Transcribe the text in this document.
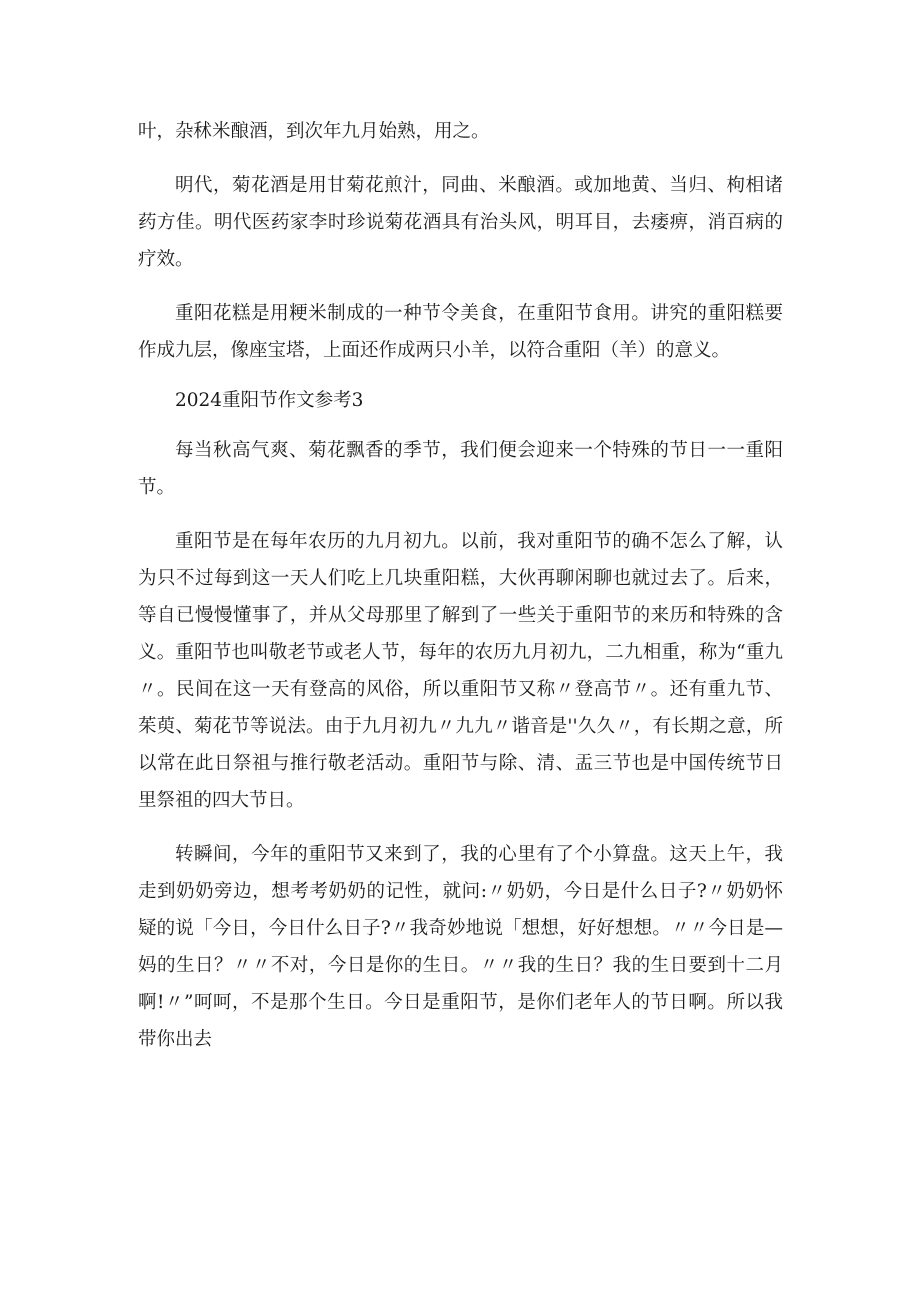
叶，杂秫米酿酒，到次年九月始熟，用之。

明代，菊花酒是用甘菊花煎汁，同曲、米酿酒。或加地黄、当归、枸相诸药方佳。明代医药家李时珍说菊花酒具有治头风，明耳目，去痿痹，消百病的疗效。

重阳花糕是用粳米制成的一种节令美食，在重阳节食用。讲究的重阳糕要作成九层，像座宝塔，上面还作成两只小羊，以符合重阳（羊）的意义。

2024重阳节作文参考3

每当秋高气爽、菊花飘香的季节，我们便会迎来一个特殊的节日一一重阳节。

重阳节是在每年农历的九月初九。以前，我对重阳节的确不怎么了解，认为只不过每到这一天人们吃上几块重阳糕，大伙再聊闲聊也就过去了。后来，等自已慢慢懂事了，并从父母那里了解到了一些关于重阳节的来历和特殊的含义。重阳节也叫敬老节或老人节，每年的农历九月初九，二九相重，称为“重九〃。民间在这一天有登高的风俗，所以重阳节又称〃登高节〃。还有重九节、茱萸、菊花节等说法。由于九月初九〃九九〃谐音是''久久〃，有长期之意，所以常在此日祭祖与推行敬老活动。重阳节与除、清、盂三节也是中国传统节日里祭祖的四大节日。

转瞬间，今年的重阳节又来到了，我的心里有了个小算盘。这天上午，我走到奶奶旁边，想考考奶奶的记性，就问:〃奶奶，今日是什么日子?〃奶奶怀疑的说「今日，今日什么日子?〃我奇妙地说「想想，好好想想。〃〃今日是—妈的生日？〃〃不对，今日是你的生日。〃〃我的生日？我的生日要到十二月啊!〃”呵呵，不是那个生日。今日是重阳节，是你们老年人的节日啊。所以我带你出去
